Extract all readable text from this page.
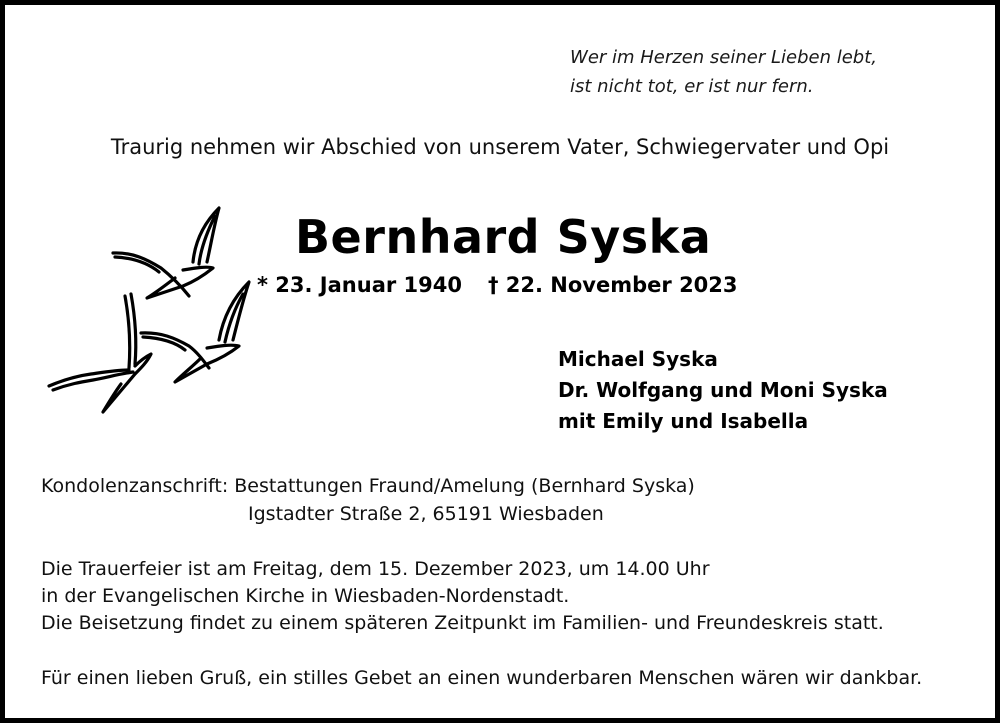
Wer im Herzen seiner Lieben lebt,
ist nicht tot, er ist nur fern.
Traurig nehmen wir Abschied von unserem Vater, Schwiegervater und Opi
Bernhard Syska
* 23. Januar 1940 † 22. November 2023
Michael Syska
Dr. Wolfgang und Moni Syska
mit Emily und Isabella
Kondolenzanschrift: Bestattungen Fraund/Amelung (Bernhard Syska)
Igstadter Straße 2, 65191 Wiesbaden
Die Trauerfeier ist am Freitag, dem 15. Dezember 2023, um 14.00 Uhr
in der Evangelischen Kirche in Wiesbaden-Nordenstadt.
Die Beisetzung findet zu einem späteren Zeitpunkt im Familien- und Freundeskreis statt.
Für einen lieben Gruß, ein stilles Gebet an einen wunderbaren Menschen wären wir dankbar.
